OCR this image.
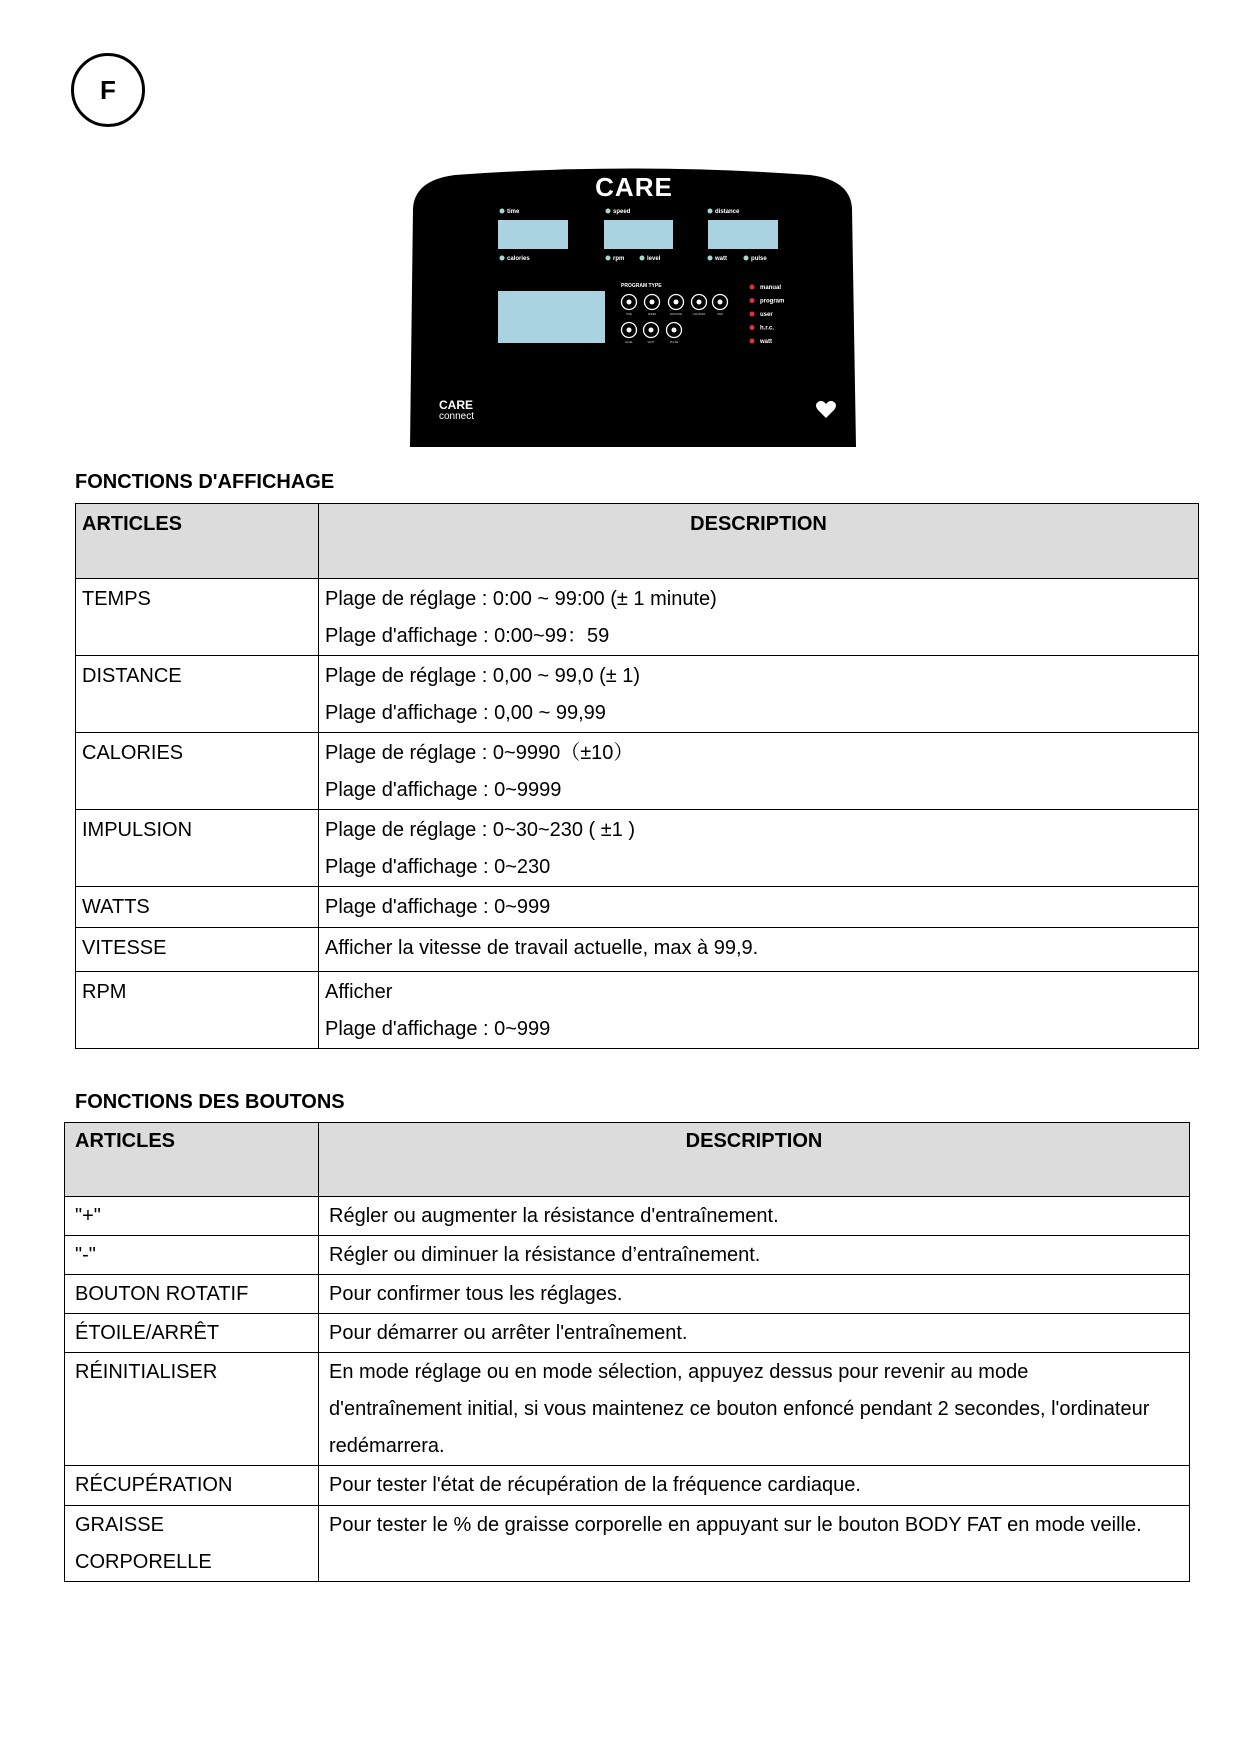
F
CARE
time	speed	distance
calories	rpm	level	watt	pulse
PROGRAM TYPE
TIME	SPEED	DISTANCE	CALORIES	HRM
LEVEL	WATT	PULSE
manual
program
user
h.r.c.
watt
CARE
connect
FONCTIONS D'AFFICHAGE
ARTICLES	DESCRIPTION

TEMPS	Plage de réglage : 0:00 ~ 99:00 (± 1 minute)
Plage d'affichage : 0:00~99：59

DISTANCE	Plage de réglage : 0,00 ~ 99,0 (± 1)
Plage d'affichage : 0,00 ~ 99,99

CALORIES	Plage de réglage : 0~9990（±10）
Plage d'affichage : 0~9999

IMPULSION	Plage de réglage : 0~30~230 ( ±1 )
Plage d'affichage : 0~230

WATTS	Plage d'affichage : 0~999

VITESSE	Afficher la vitesse de travail actuelle, max à 99,9.

RPM	Afficher
Plage d'affichage : 0~999
FONCTIONS DES BOUTONS
ARTICLES	DESCRIPTION

"+"	Régler ou augmenter la résistance d'entraînement.

"-"	Régler ou diminuer la résistance d’entraînement.

BOUTON ROTATIF	Pour confirmer tous les réglages.

ÉTOILE/ARRÊT	Pour démarrer ou arrêter l'entraînement.

RÉINITIALISER	En mode réglage ou en mode sélection, appuyez dessus pour revenir au mode
d'entraînement initial, si vous maintenez ce bouton enfoncé pendant 2 secondes, l'ordinateur
redémarrera.

RÉCUPÉRATION	Pour tester l'état de récupération de la fréquence cardiaque.

GRAISSE
CORPORELLE	Pour tester le % de graisse corporelle en appuyant sur le bouton BODY FAT en mode veille.
